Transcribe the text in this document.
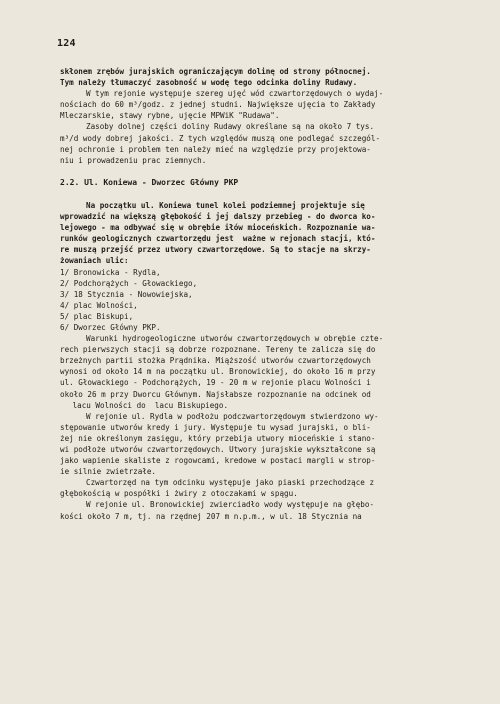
124
skłonem zrębów jurajskich ograniczającym dolinę od strony północnej.
Tym należy tłumaczyć zasobność w wodę tego odcinka doliny Rudawy.
W tym rejonie występuje szereg ujęć wód czwartorzędowych o wydaj-
nościach do 60 m³/godz. z jednej studni. Największe ujęcia to Zakłady
Mleczarskie, stawy rybne, ujęcie MPWiK "Rudawa".
Zasoby dolnej części doliny Rudawy określane są na około 7 tys.
m³/d wody dobrej jakości. Z tych względów muszą one podlegać szczegól-
nej ochronie i problem ten należy mieć na względzie przy projektowa-
niu i prowadzeniu prac ziemnych.
2.2. Ul. Koniewa - Dworzec Główny PKP
Na początku ul. Koniewa tunel kolei podziemnej projektuje się
wprowadzić na większą głębokość i jej dalszy przebieg - do dworca ko-
lejowego - ma odbywać się w obrębie iłów mioceńskich. Rozpoznanie wa-
runków geologicznych czwartorzędu jest  ważne w rejonach stacji, któ-
re muszą przejść przez utwory czwartorzędowe. Są to stacje na skrzy-
żowaniach ulic:
1/ Bronowicka - Rydla,
2/ Podchorążych - Głowackiego,
3/ 18 Stycznia - Nowowiejska,
4/ plac Wolności,
5/ plac Biskupi,
6/ Dworzec Główny PKP.
Warunki hydrogeologiczne utworów czwartorzędowych w obrębie czte-
rech pierwszych stacji są dobrze rozpoznane. Tereny te zalicza się do
brzeżnych partii stożka Prądnika. Miąższość utworów czwartorzędowych
wynosi od około 14 m na początku ul. Bronowickiej, do około 16 m przy
ul. Głowackiego - Podchorążych, 19 - 20 m w rejonie placu Wolności i
około 26 m przy Dworcu Głównym. Najsłabsze rozpoznanie na odcinek od
lacu Wolności do  lacu Biskupiego.
W rejonie ul. Rydla w podłożu podczwartorzędowym stwierdzono wy-
stępowanie utworów kredy i jury. Występuje tu wysad jurajski, o bli-
żej nie określonym zasięgu, który przebija utwory mioceńskie i stano-
wi podłoże utworów czwartorzędowych. Utwory jurajskie wykształcone są
jako wapienie skaliste z rogowcami, kredowe w postaci margli w strop-
ie silnie zwietrzałe.
Czwartorzęd na tym odcinku występuje jako piaski przechodzące z
głębokością w pospółki i żwiry z otoczakami w spągu.
W rejonie ul. Bronowickiej zwierciadło wody występuje na głębo-
kości około 7 m, tj. na rzędnej 207 m n.p.m., w ul. 18 Stycznia na
